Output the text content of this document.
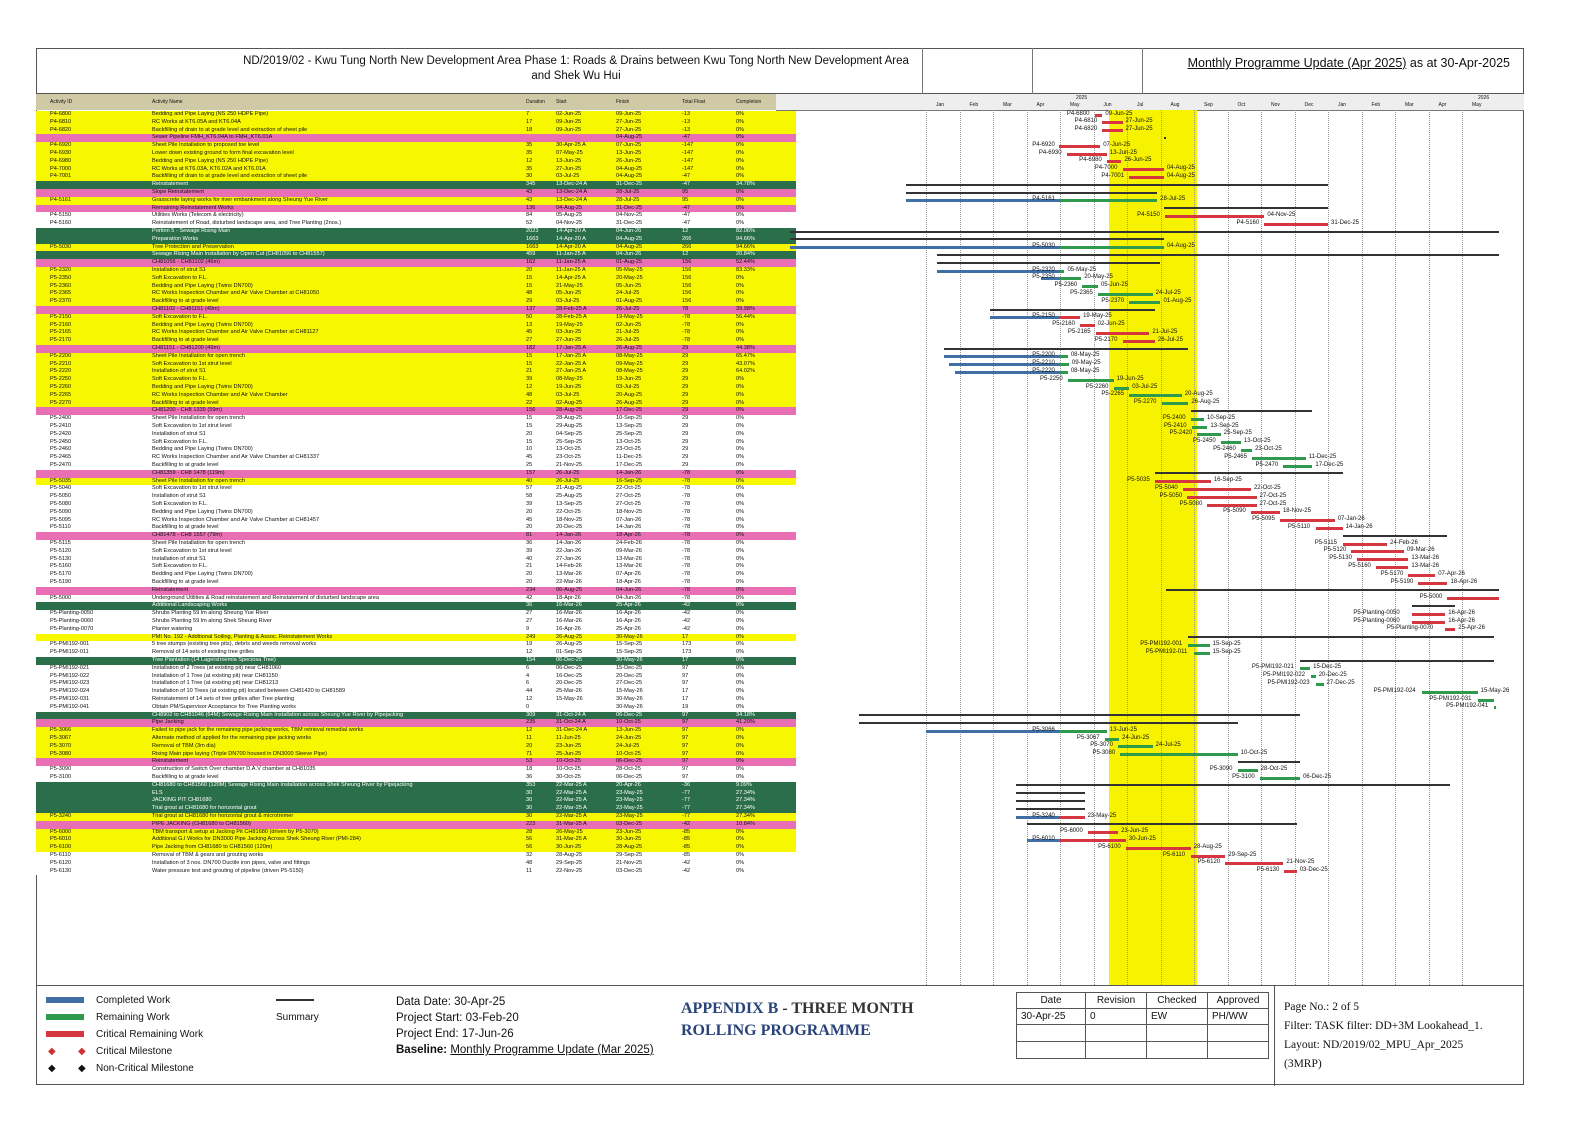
ND/2019/02 - Kwu Tung North New Development Area Phase 1: Roads & Drains between Kwu Tong North New Development Area
and Shek Wu Hui
Monthly Programme Update (Apr 2025) as at 30-Apr-2025
Activity ID	Activity Name	Duration Start	Finish	Total Float	Completion
P4-6800	Bedding and Pipe Laying (NS 250 HDPE Pipe)	7	02-Jun-25	09-Jun-25	-13	0%
P4-6810	RC Works at KT6.05A and KT6.04A	17	09-Jun-25	27-Jun-25	-13	0%
P4-6820	Backfilling of drain to at grade level and extraction of sheet pile	18	09-Jun-25	27-Jun-25	-13	0%
Sewer Pipeline FMH_KT6.04A to FMH_KT6.01A	04-Aug-25	-47	0%
P4-6920	Sheet Pile Installation to proposed toe level	35	30-Apr-25 A	07-Jun-25	-147	0%
P4-6930	Lower down existing ground to form final excavation level	35	07-May-25	13-Jun-25	-147	0%
P4-6980	Bedding and Pipe Laying (NS 250 HDPE Pipe)	12	13-Jun-25	26-Jun-25	-147	0%
P4-7000	RC Works at KT6.03A, KT6.02A and KT6.01A	35	27-Jun-25	04-Aug-25	-147	0%
P4-7001	Backfilling of drain to at grade level and extraction of sheet pile	30	03-Jul-25	04-Aug-25	-47	0%
Reinstatement	345	13-Dec-24 A	31-Dec-25	-47	34.78%
Slope Reinstatement	43	13-Dec-24 A	28-Jul-25	95	0%
P4-5161	Grasscrete laying works for river embankment along Sheung Yue River	43	13-Dec-24 A	28-Jul-25	95	0%
Remaining Reinstatement Works	136	04-Aug-25	31-Dec-25	-47	0%
P4-5150	Utilities Works (Telecom & electricity)	84	05-Aug-25	04-Nov-25	-47	0%
P4-5160	Reinstatement of Road, disturbed landscape area, and Tree Planting (2nos.)	52	04-Nov-25	31-Dec-25	-47	0%
Portion 5 - Sewage Rising Main	2023	14-Apr-20 A	04-Jun-26	12	82.06%
Preparation Works	1663	14-Apr-20 A	04-Aug-25	266	94.66%
P5-5030	Tree Protection and Preservation	1663	14-Apr-20 A	04-Aug-25	266	94.66%
Sewage Rising Main Installation by Open Cut (CH81056 to CH81557)	459	11-Jan-25 A	04-Jun-26	12	20.84%
CH81056 - CH81102 (46m)	162	11-Jan-25 A	01-Aug-25	156	52.44%
P5-2320	Installation of strut S1	20	11-Jan-25 A	05-May-25	156	83.33%
P5-2350	Soft Excavation to F.L.	15	14-Apr-25 A	20-May-25	156	0%
P5-2360	Bedding and Pipe Laying (Twins DN700)	15	21-May-25	05-Jun-25	156	0%
P5-2365	RC Works Inspection Chamber and Air Valve Chamber at CH81050	48	05-Jun-25	24-Jul-25	156	0%
P5-2370	Backfilling to at grade level	29	03-Jul-25	01-Aug-25	156	0%
CH81102 - CH81151 (49m)	137	28-Feb-25 A	26-Jul-25	78	39.98%
P5-2150	Soft Excavation to F.L.	50	28-Feb-25 A	19-May-25	-78	56.44%
P5-2160	Bedding and Pipe Laying (Twins DN700)	13	19-May-25	02-Jun-25	-78	0%
P5-2165	RC Works Inspection Chamber and Air Valve Chamber at CH81127	45	03-Jun-25	21-Jul-25	-78	0%
P5-2170	Backfilling to at grade level	27	27-Jun-25	26-Jul-25	-78	0%
CH81151 - CH81200 (49m)	182	17-Jan-25 A	26-Aug-25	29	44.38%
P5-2200	Sheet Pile Installation for open trench	15	17-Jan-25 A	08-May-25	29	65.47%
P5-2210	Soft Excavation to 1st strut level	15	22-Jan-25 A	09-May-25	29	43.07%
P5-2220	Installation of strut S1	21	27-Jan-25 A	08-May-25	29	64.02%
P5-2250	Soft Excavation to F.L.	39	08-May-25	19-Jun-25	29	0%
P5-2260	Bedding and Pipe Laying (Twins DN700)	12	19-Jun-25	03-Jul-25	29	0%
P5-2265	RC Works Inspection Chamber and Air Valve Chamber	48	03-Jul-25	20-Aug-25	29	0%
P5-2270	Backfilling to at grade level	22	02-Aug-25	26-Aug-25	29	0%
CH81200 - CH8 1339 (59m)	156	28-Aug-25	17-Dec-25	29	0%
P5-2400	Sheet Pile Installation for open trench	15	28-Aug-25	10-Sep-25	29	0%
P5-2410	Soft Excavation to 1st strut level	15	29-Aug-25	13-Sep-25	29	0%
P5-2420	Installation of strut S1	20	04-Sep-25	25-Sep-25	29	0%
P5-2450	Soft Excavation to F.L.	15	25-Sep-25	13-Oct-25	29	0%
P5-2460	Bedding and Pipe Laying (Twins DN700)	10	13-Oct-25	23-Oct-25	29	0%
P5-2465	RC Works Inspection Chamber and Air Valve Chamber at CH81337	45	23-Oct-25	11-Dec-25	29	0%
P5-2470	Backfilling to at grade level	25	21-Nov-25	17-Dec-25	29	0%
CH81359 - CH8 1478 (119m)	157	26-Jul-25	14-Jan-26	-78	0%
P5-5035	Sheet Pile Installation for open trench	40	26-Jul-25	16-Sep-25	-78	0%
P5-5040	Soft Excavation to 1st strut level	57	21-Aug-25	22-Oct-25	-78	0%
P5-5050	Installation of strut S1	58	25-Aug-25	27-Oct-25	-78	0%
P5-5080	Soft Excavation to F.L.	39	13-Sep-25	27-Oct-25	-78	0%
P5-5090	Bedding and Pipe Laying (Twins DN700)	20	22-Oct-25	18-Nov-25	-78	0%
P5-5095	RC Works Inspection Chamber and Air Valve Chamber at CH81457	45	18-Nov-25	07-Jan-26	-78	0%
P5-5110	Backfilling to at grade level	20	20-Dec-25	14-Jan-26	-78	0%
CH81478 - CH8 1557 (79m)	81	14-Jan-26	18-Apr-26	-78	0%
P5-5115	Sheet Pile Installation for open trench	36	14-Jan-26	24-Feb-26	-78	0%
P5-5120	Soft Excavation to 1st strut level	39	22-Jan-26	09-Mar-26	-78	0%
P5-5130	Installation of strut S1	40	27-Jan-26	13-Mar-26	-78	0%
P5-5160	Soft Excavation to F.L.	21	14-Feb-26	13-Mar-26	-78	0%
P5-5170	Bedding and Pipe Laying (Twins DN700)	20	13-Mar-26	07-Apr-26	-78	0%
P5-5190	Backfilling to at grade level	20	22-Mar-26	18-Apr-26	-78	0%
Reinstatement	234	06-Aug-25	04-Jun-26	-78	0%
P5-5000	Underground Utilities & Road reinstatement and Reinstatement of disturbed landscape area	42	18-Apr-26	04-Jun-26	-78	0%
Additional Landscaping Works	36	16-Mar-26	25-Apr-26	-42	0%
P5-Planting-0050	Shrubs Planting 59 lm along Sheung Yue River	27	16-Mar-26	16-Apr-26	-42	0%
P5-Planting-0060	Shrubs Planting 59 lm along Shek Sheung River	27	16-Mar-26	16-Apr-26	-42	0%
P5-Planting-0070	Planter watering	9	16-Apr-26	25-Apr-26	-42	0%
PMI No. 192 - Additional Soiling, Planting & Assoc. Reinstatement Works	249	26-Aug-25	30-May-26	17	0%
P5-PMI192-001	5 tree stumps (existing tree pits), debris and weeds removal works	19	26-Aug-25	15-Sep-25	173	0%
P5-PMI192-011	Removal of 14 sets of existing tree grilles	12	01-Sep-25	15-Sep-25	173	0%
Tree Plantation (14 Lagerstroemia Speciosa Tree)	154	06-Dec-25	30-May-26	17	0%
P5-PMI192-021	Installation of 2 Trees (at existing pit) near CH81060	6	06-Dec-25	15-Dec-25	97	0%
P5-PMI192-022	Installation of 1 Tree (at existing pit) near CH81150	4	16-Dec-25	20-Dec-25	97	0%
P5-PMI192-023	Installation of 1 Tree (at existing pit) near CH81213	6	20-Dec-25	27-Dec-25	97	0%
P5-PMI192-024	Installation of 10 Trees (at existing pit) located between CH81420 to CH81589	44	25-Mar-26	15-May-26	17	0%
P5-PMI192-031	Reinstatement of 14 sets of tree grilles after Tree planting	12	15-May-26	30-May-26	17	0%
P5-PMI192-041	Obtain PM/Supervisor Acceptance for Tree Planting works	0	30-May-26	19	0%
CH8902 to CH81046 (64M) Sewage Rising Main Installation across Sheung Yue River by Pipejacking	309	31-Oct-24 A	06-Dec-25	97	34.18%
Pipe Jacking	235	31-Oct-24 A	10-Oct-25	97	41.29%
P5-3066	Failed to pipe jack for the remaining pipe jacking works, TBM retrieval remedial works	12	31-Dec-24 A	13-Jun-25	97	0%
P5-3067	Alternate method of applied for the remaining pipe jacking works	11	11-Jun-25	24-Jun-25	97	0%
P5-3070	Removal of TBM (3m dia)	20	23-Jun-25	24-Jul-25	97	0%
P5-3080	Rising Main pipe laying (Triple DN700 housed in DN3000 Sleeve Pipe)	71	25-Jun-25	10-Oct-25	97	0%
Reinstatement	53	10-Oct-25	06-Dec-25	97	0%
P5-3090	Construction of Switch Over chamber D.A.V chamber at CH81035	18	10-Oct-25	28-Oct-25	97	0%
P5-3100	Backfilling to at grade level	36	30-Oct-25	06-Dec-25	97	0%
CH81680 to CH81560 (120M) Sewage Rising Main Installation across Shek Sheung River by Pipejacking	353	22-Mar-25 A	20-Apr-26	-36	9.09%
ELS	30	22-Mar-25 A	23-May-25	-77	27.34%
JACKING PIT CH81680	30	22-Mar-25 A	23-May-25	-77	27.34%
Trial grout at CH81680 for horizontal grout	30	22-Mar-25 A	23-May-25	-77	27.34%
P5-3240	Trial grout at CH81680 for horizontal grout & microtremer	30	22-Mar-25 A	23-May-25	-77	27.34%
PIPE JACKING (CH81680 to CH81560)	223	31-Mar-25 A	03-Dec-25	-42	10.84%
P5-6000	TBM transport & setup at Jacking Pit CH81680 (driven by P5-3070)	28	26-May-25	23-Jun-25	-85	0%
P5-6010	Additional G.I Works for DN3000 Pipe Jacking Across Shek Sheung River (PMI-284)	56	31-Mar-25 A	30-Jun-25	-85	0%
P5-6100	Pipe Jacking from CH81680 to CH81560 (120m)	56	30-Jun-25	28-Aug-25	-85	0%
P5-6110	Removal of TBM & gears and grouting works	32	28-Aug-25	29-Sep-25	-85	0%
P5-6120	Installation of 3 nos. DN700 Ductile iron pipes, valve and fittings	48	29-Sep-25	21-Nov-25	-42	0%
P5-6130	Water pressure test and grouting of pipeline (driven P5-5150)	11	22-Nov-25	03-Dec-25	-42	0%
Jan	Feb	Mar	Apr	May	Jun	Jul	Aug	Sep	Oct	Nov	Dec	Jan	Feb	Mar	Apr	May
2025	2026
09-Jun-25
P4-6800
27-Jun-25
P4-6810
27-Jun-25
P4-6820
07-Jun-25
P4-6920
13-Jun-25
P4-6930
26-Jun-25
P4-6980
04-Aug-25
P4-7000
04-Aug-25
P4-7001
28-Jul-25
P4-5161
04-Nov-25
P4-5150
31-Dec-25
P4-5160
04-Aug-25
P5-5030
05-May-25
P5-2320
20-May-25
P5-2350
05-Jun-25
P5-2360
24-Jul-25
P5-2365
01-Aug-25
P5-2370
19-May-25
P5-2150
02-Jun-25
P5-2160
21-Jul-25
P5-2165
26-Jul-25
P5-2170
08-May-25
P5-2200
09-May-25
P5-2210
08-May-25
P5-2220
19-Jun-25
P5-2250
03-Jul-25
P5-2260
20-Aug-25
P5-2265
26-Aug-25
P5-2270
10-Sep-25
P5-2400
13-Sep-25
P5-2410
25-Sep-25
P5-2420
13-Oct-25
P5-2450
23-Oct-25
P5-2460
11-Dec-25
P5-2465
17-Dec-25
P5-2470
16-Sep-25
P5-5035
22-Oct-25
P5-5040
27-Oct-25
P5-5050
27-Oct-25
P5-5080
18-Nov-25
P5-5090
07-Jan-26
P5-5095
14-Jan-26
P5-5110
24-Feb-26
P5-5115
09-Mar-26
P5-5120
13-Mar-26
P5-5130
13-Mar-26
P5-5160
07-Apr-26
P5-5170
18-Apr-26
P5-5190
P5-5000
16-Apr-26
P5-Planting-0050
16-Apr-26
P5-Planting-0060
25-Apr-26
P5-Planting-0070
15-Sep-25
P5-PMI192-001
15-Sep-25
P5-PMI192-011
15-Dec-25
P5-PMI192-021
20-Dec-25
P5-PMI192-022
27-Dec-25
P5-PMI192-023
15-May-26
P5-PMI192-024
P5-PMI192-031
P5-PMI192-041
13-Jun-25
P5-3066
24-Jun-25
P5-3067
24-Jul-25
P5-3070
10-Oct-25
P5-3080
28-Oct-25
P5-3090
06-Dec-25
P5-3100
23-May-25
P5-3240
23-Jun-25
P5-6000
30-Jun-25
P5-6010
28-Aug-25
P5-6100
29-Sep-25
P5-6110
21-Nov-25
P5-6120
03-Dec-25
P5-6130
Completed Work
Summary
Remaining Work
Critical Remaining Work
◆ ◆ Critical Milestone
◆ ◆ Non-Critical Milestone
Data Date: 30-Apr-25
Project Start: 03-Feb-20
Project End: 17-Jun-26
Baseline: Monthly Programme Update (Mar 2025)
APPENDIX B - THREE MONTH
ROLLING PROGRAMME
Date	Revision	Checked	Approved
30-Apr-25	0	EW	PH/WW

Page No.: 2 of 5
Filter: TASK filter: DD+3M Lookahead_1.
Layout: ND/2019/02_MPU_Apr_2025
(3MRP)
